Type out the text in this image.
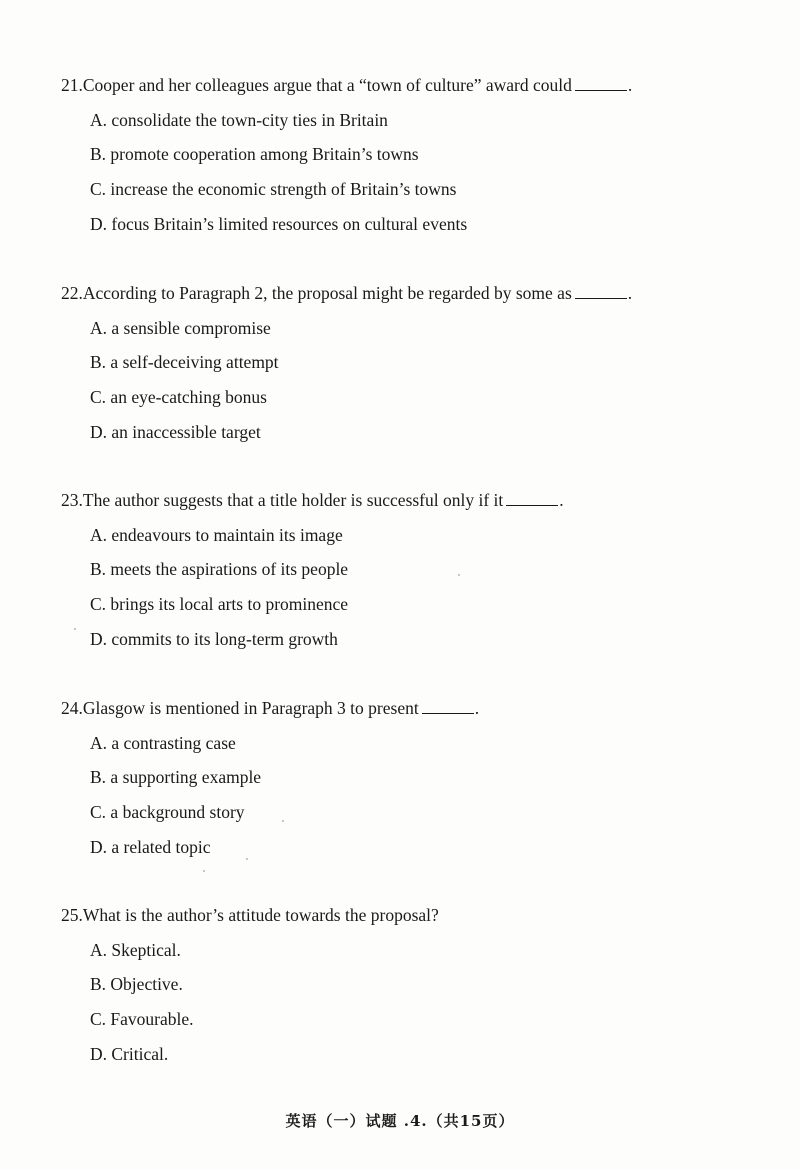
21.Cooper and her colleagues argue that a “town of culture” award could	.
A. consolidate the town-city ties in Britain
B. promote cooperation among Britain’s towns
C. increase the economic strength of Britain’s towns
D. focus Britain’s limited resources on cultural events
22.According to Paragraph 2, the proposal might be regarded by some as	.
A. a sensible compromise
B. a self-deceiving attempt
C. an eye-catching bonus
D. an inaccessible target
23.The author suggests that a title holder is successful only if it	.
A. endeavours to maintain its image
B. meets the aspirations of its people
C. brings its local arts to prominence
D. commits to its long-term growth
24.Glasgow is mentioned in Paragraph 3 to present	.
A. a contrasting case
B. a supporting example
C. a background story
D. a related topic
25.What is the author’s attitude towards the proposal?
A. Skeptical.
B. Objective.
C. Favourable.
D. Critical.
英语（一）试题 .4.（共15页）
